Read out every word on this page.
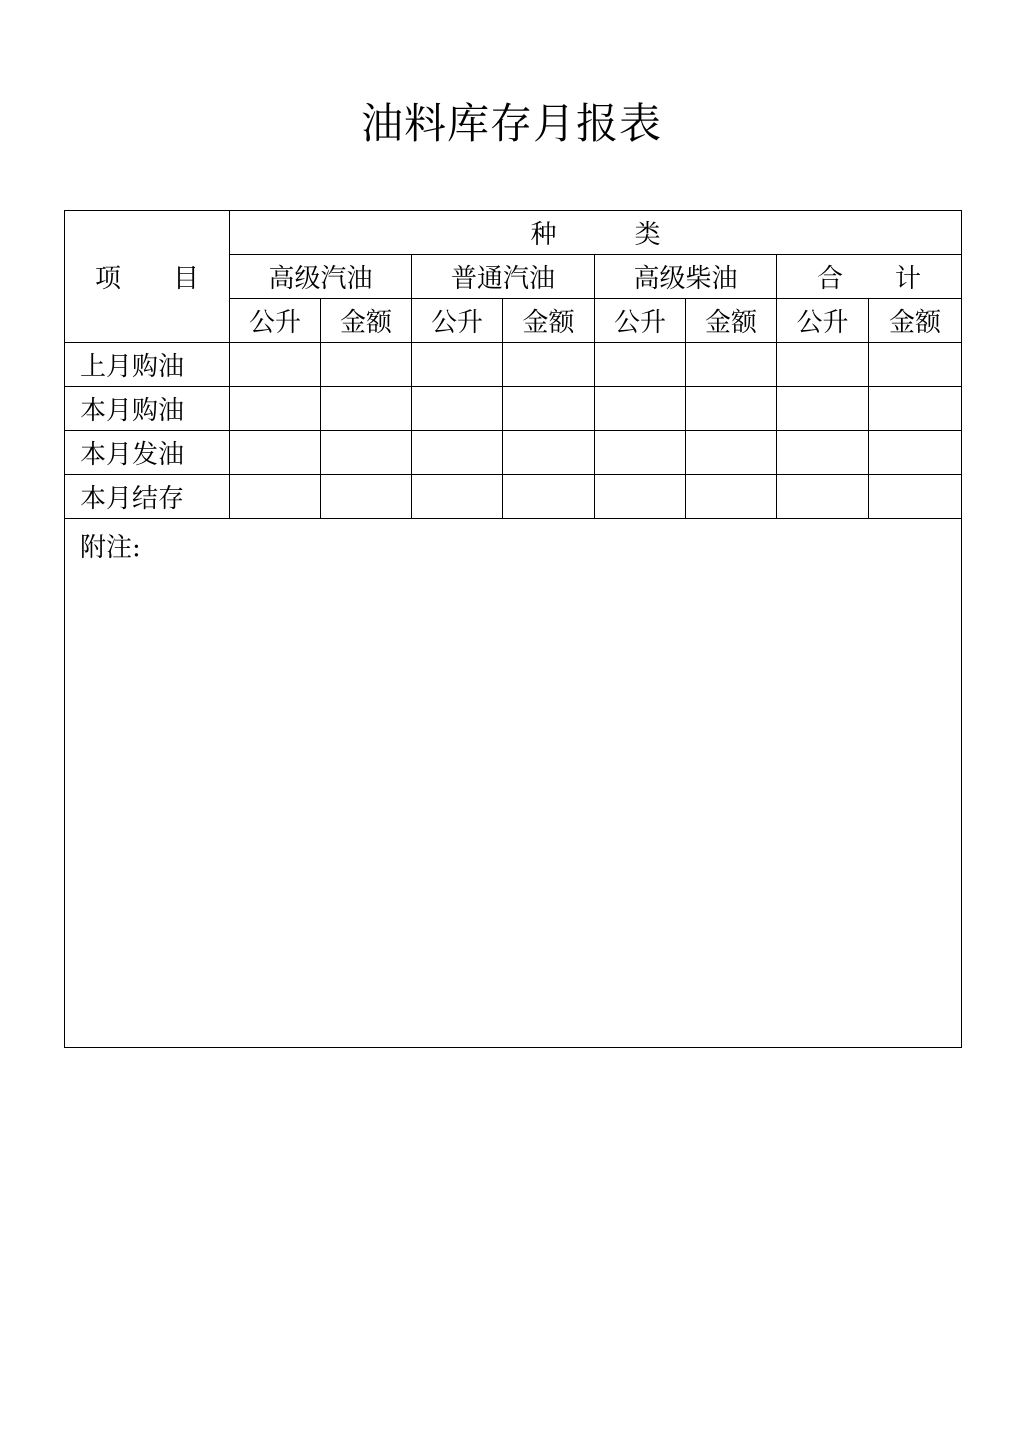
油料库存月报表
项　　目	种　　　类							
	高级汽油		普通汽油		高级柴油		合　　计	
	公升	金额	公升	金额	公升	金额	公升	金额
上月购油								
本月购油								
本月发油								
本月结存								
附注:								
